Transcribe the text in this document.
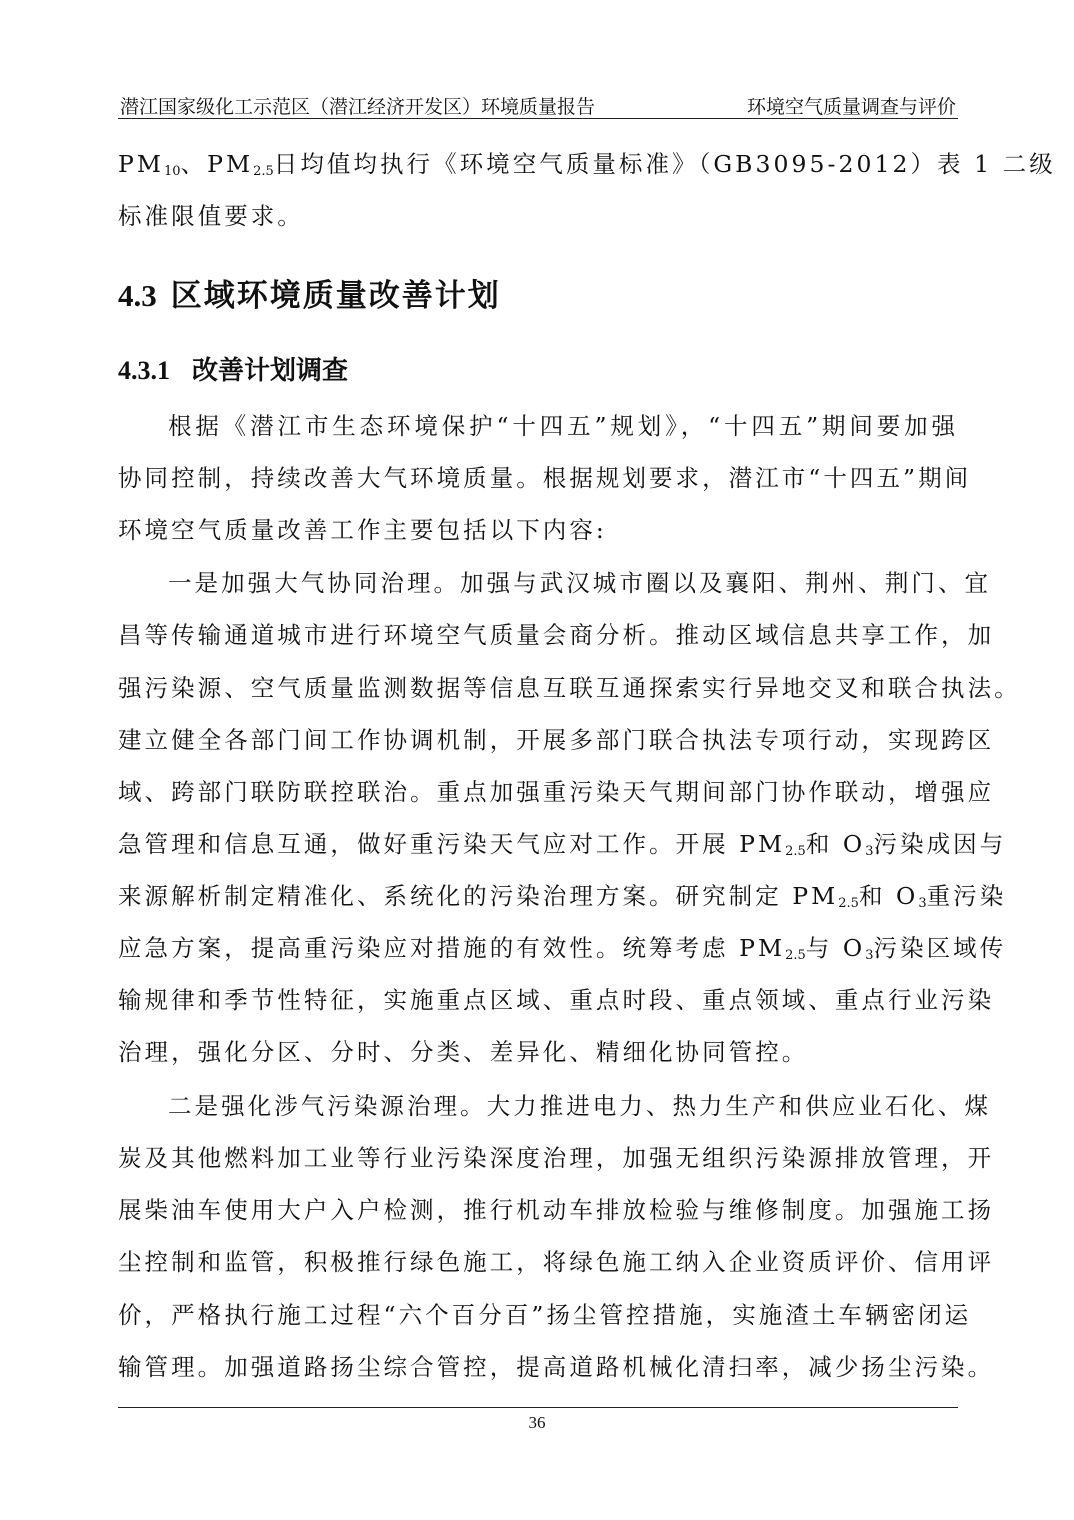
潜江国家级化工示范区（潜江经济开发区）环境质量报告	环境空气质量调查与评价
$PM_{10}$、$PM_{2.5}$日均值均执行《环境空气质量标准》（GB3095-2012）表 1 二级
标准限值要求。
4.3 区域环境质量改善计划
4.3.1 改善计划调查
根据《潜江市生态环境保护“十四五”规划》，“十四五”期间要加强
协同控制，持续改善大气环境质量。根据规划要求，潜江市“十四五”期间
环境空气质量改善工作主要包括以下内容:
一是加强大气协同治理。加强与武汉城市圈以及襄阳、荆州、荆门、宜
昌等传输通道城市进行环境空气质量会商分析。推动区域信息共享工作，加
强污染源、空气质量监测数据等信息互联互通探索实行异地交叉和联合执法。
建立健全各部门间工作协调机制，开展多部门联合执法专项行动，实现跨区
域、跨部门联防联控联治。重点加强重污染天气期间部门协作联动，增强应
急管理和信息互通，做好重污染天气应对工作。开展 $PM_{2.5}$和 $O_3$污染成因与
来源解析制定精准化、系统化的污染治理方案。研究制定 $PM_{2.5}$和 $O_3$重污染
应急方案，提高重污染应对措施的有效性。统筹考虑 $PM_{2.5}$与 $O_3$污染区域传
输规律和季节性特征，实施重点区域、重点时段、重点领域、重点行业污染
治理，强化分区、分时、分类、差异化、精细化协同管控。
二是强化涉气污染源治理。大力推进电力、热力生产和供应业石化、煤
炭及其他燃料加工业等行业污染深度治理，加强无组织污染源排放管理，开
展柴油车使用大户入户检测，推行机动车排放检验与维修制度。加强施工扬
尘控制和监管，积极推行绿色施工，将绿色施工纳入企业资质评价、信用评
价，严格执行施工过程“六个百分百”扬尘管控措施，实施渣土车辆密闭运
输管理。加强道路扬尘综合管控，提高道路机械化清扫率，减少扬尘污染。
36
